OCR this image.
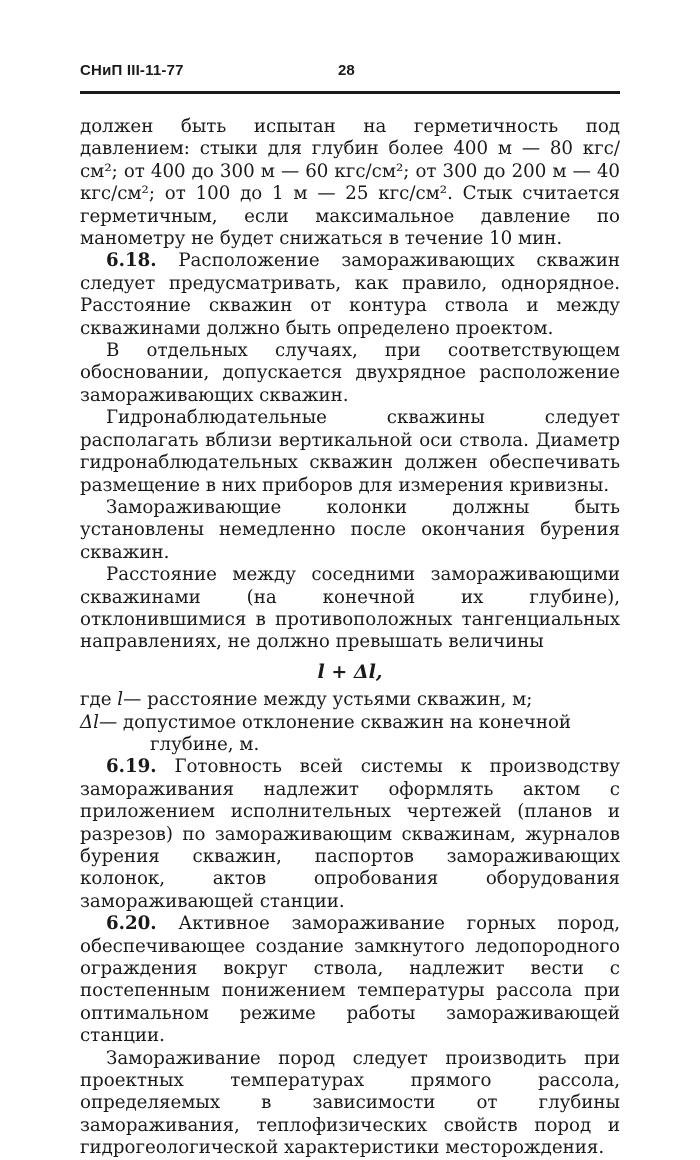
СНиП III-11-77	28

должен быть испытан на герметичность под давлением: стыки для глубин более 400 м — 80 кгс/см²; от 400 до 300 м — 60 кгс/см²; от 300 до 200 м — 40 кгс/см²; от 100 до 1 м — 25 кгс/см². Стык считается герметичным, если максимальное давление по манометру не будет снижаться в течение 10 мин.

6.18. Расположение замораживающих скважин следует предусматривать, как правило, однорядное. Расстояние скважин от контура ствола и между скважинами должно быть определено проектом.

В отдельных случаях, при соответствующем обосновании, допускается двухрядное расположение замораживающих скважин.

Гидронаблюдательные скважины следует располагать вблизи вертикальной оси ствола. Диаметр гидронаблюдательных скважин должен обеспечивать размещение в них приборов для измерения кривизны.

Замораживающие колонки должны быть установлены немедленно после окончания бурения скважин.

Расстояние между соседними замораживающими скважинами (на конечной их глубине), отклонившимися в противоположных тангенциальных направлениях, не должно превышать величины

l + Δl,

где l — расстояние между устьями скважин, м;

Δl — допустимое отклонение скважин на конечной

глубине, м.

6.19. Готовность всей системы к производству замораживания надлежит оформлять актом с приложением исполнительных чертежей (планов и разрезов) по замораживающим скважинам, журналов бурения скважин, паспортов замораживающих колонок, актов опробования оборудования замораживающей станции.

6.20. Активное замораживание горных пород, обеспечивающее создание замкнутого ледопородного ограждения вокруг ствола, надлежит вести с постепенным понижением температуры рассола при оптимальном режиме работы замораживающей станции.

Замораживание пород следует производить при проектных температурах прямого рассола, определяемых в зависимости от глубины замораживания, теплофизических свойств пород и гидрогеологической характеристики месторождения.
